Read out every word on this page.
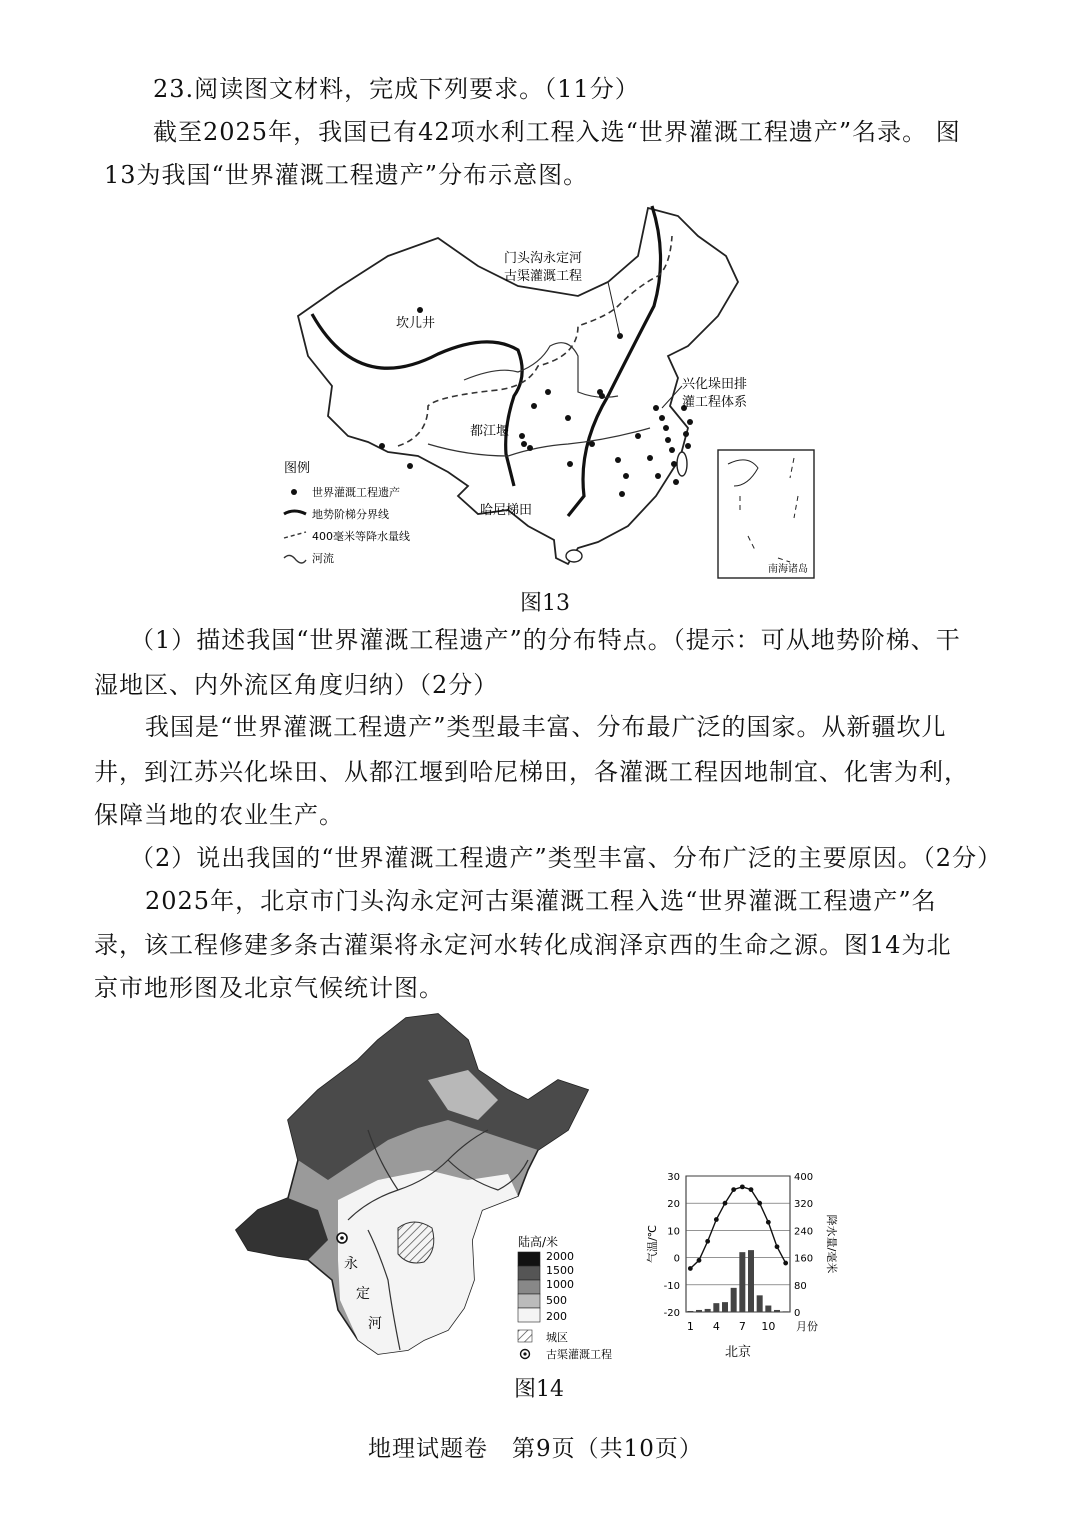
23.阅读图文材料，完成下列要求。（11分）
截至2025年，我国已有42项水利工程入选“世界灌溉工程遗产”名录。 图
13为我国“世界灌溉工程遗产”分布示意图。
坎儿井
都江堰
哈尼梯田
门头沟永定河
古渠灌溉工程
兴化垛田排
灌工程体系
南海诸岛
图例
世界灌溉工程遗产
地势阶梯分界线
400毫米等降水量线
河流
图13
（1）描述我国“世界灌溉工程遗产”的分布特点。（提示：可从地势阶梯、干
湿地区、内外流区角度归纳）（2分）
我国是“世界灌溉工程遗产”类型最丰富、分布最广泛的国家。从新疆坎儿
井，到江苏兴化垛田、从都江堰到哈尼梯田，各灌溉工程因地制宜、化害为利，
保障当地的农业生产。
（2）说出我国的“世界灌溉工程遗产”类型丰富、分布广泛的主要原因。（2分）
2025年，北京市门头沟永定河古渠灌溉工程入选“世界灌溉工程遗产”名
录，该工程修建多条古灌渠将永定河水转化成润泽京西的生命之源。图14为北
京市地形图及北京气候统计图。
永
定
河
陆高/米
2000
1500
1000
500
200
城区
古渠灌溉工程
30
20
10
0
-10
-20
400
320
240
160
80
0
1 4 7 10 月份
北京
气温/℃	降水量/毫米
图14
地理试题卷　第9页（共10页）
